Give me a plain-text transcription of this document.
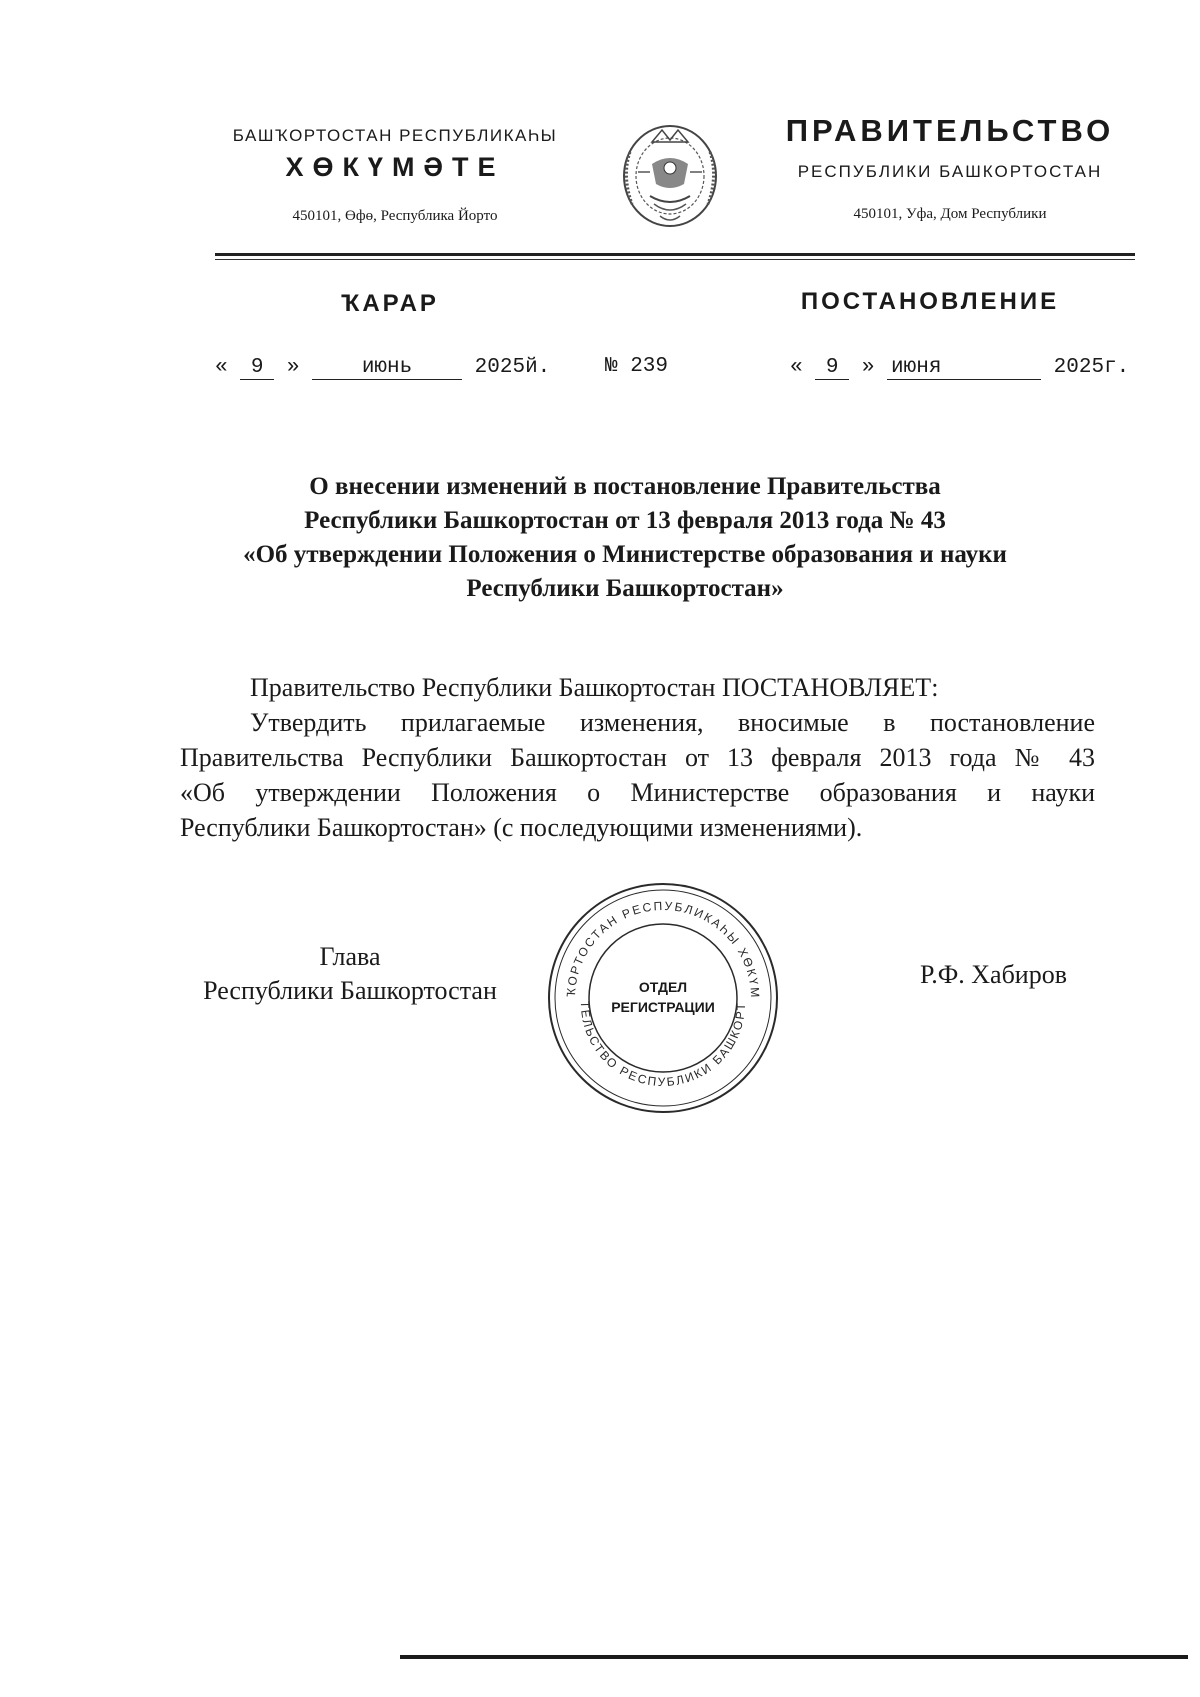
БАШҠОРТОСТАН РЕСПУБЛИКАҺЫ
ХӨКҮМӘТЕ
450101, Өфө, Республика Йорто
ПРАВИТЕЛЬСТВО
РЕСПУБЛИКИ БАШКОРТОСТАН
450101, Уфа, Дом Республики
ҠАРАР	ПОСТАНОВЛЕНИЕ
« 9 »	июнь	2025й.	№ 239	« 9 » июня	2025г.
О внесении изменений в постановление Правительства
Республики Башкортостан от 13 февраля 2013 года № 43
«Об утверждении Положения о Министерстве образования и науки
Республики Башкортостан»
Правительство Республики Башкортостан ПОСТАНОВЛЯЕТ:
Утвердить прилагаемые изменения, вносимые в постановление
Правительства Республики Башкортостан от 13 февраля 2013 года № 43
«Об утверждении Положения о Министерстве образования и науки
Республики Башкортостан» (с последующими изменениями).
Глава
Республики Башкортостан
Р.Ф. Хабиров
ҠОРТОСТАН РЕСПУБЛИКАҺЫ ХӨКҮМ
ТЕЛЬСТВО РЕСПУБЛИКИ БАШКОРТ
ОТДЕЛ
РЕГИСТРАЦИИ
